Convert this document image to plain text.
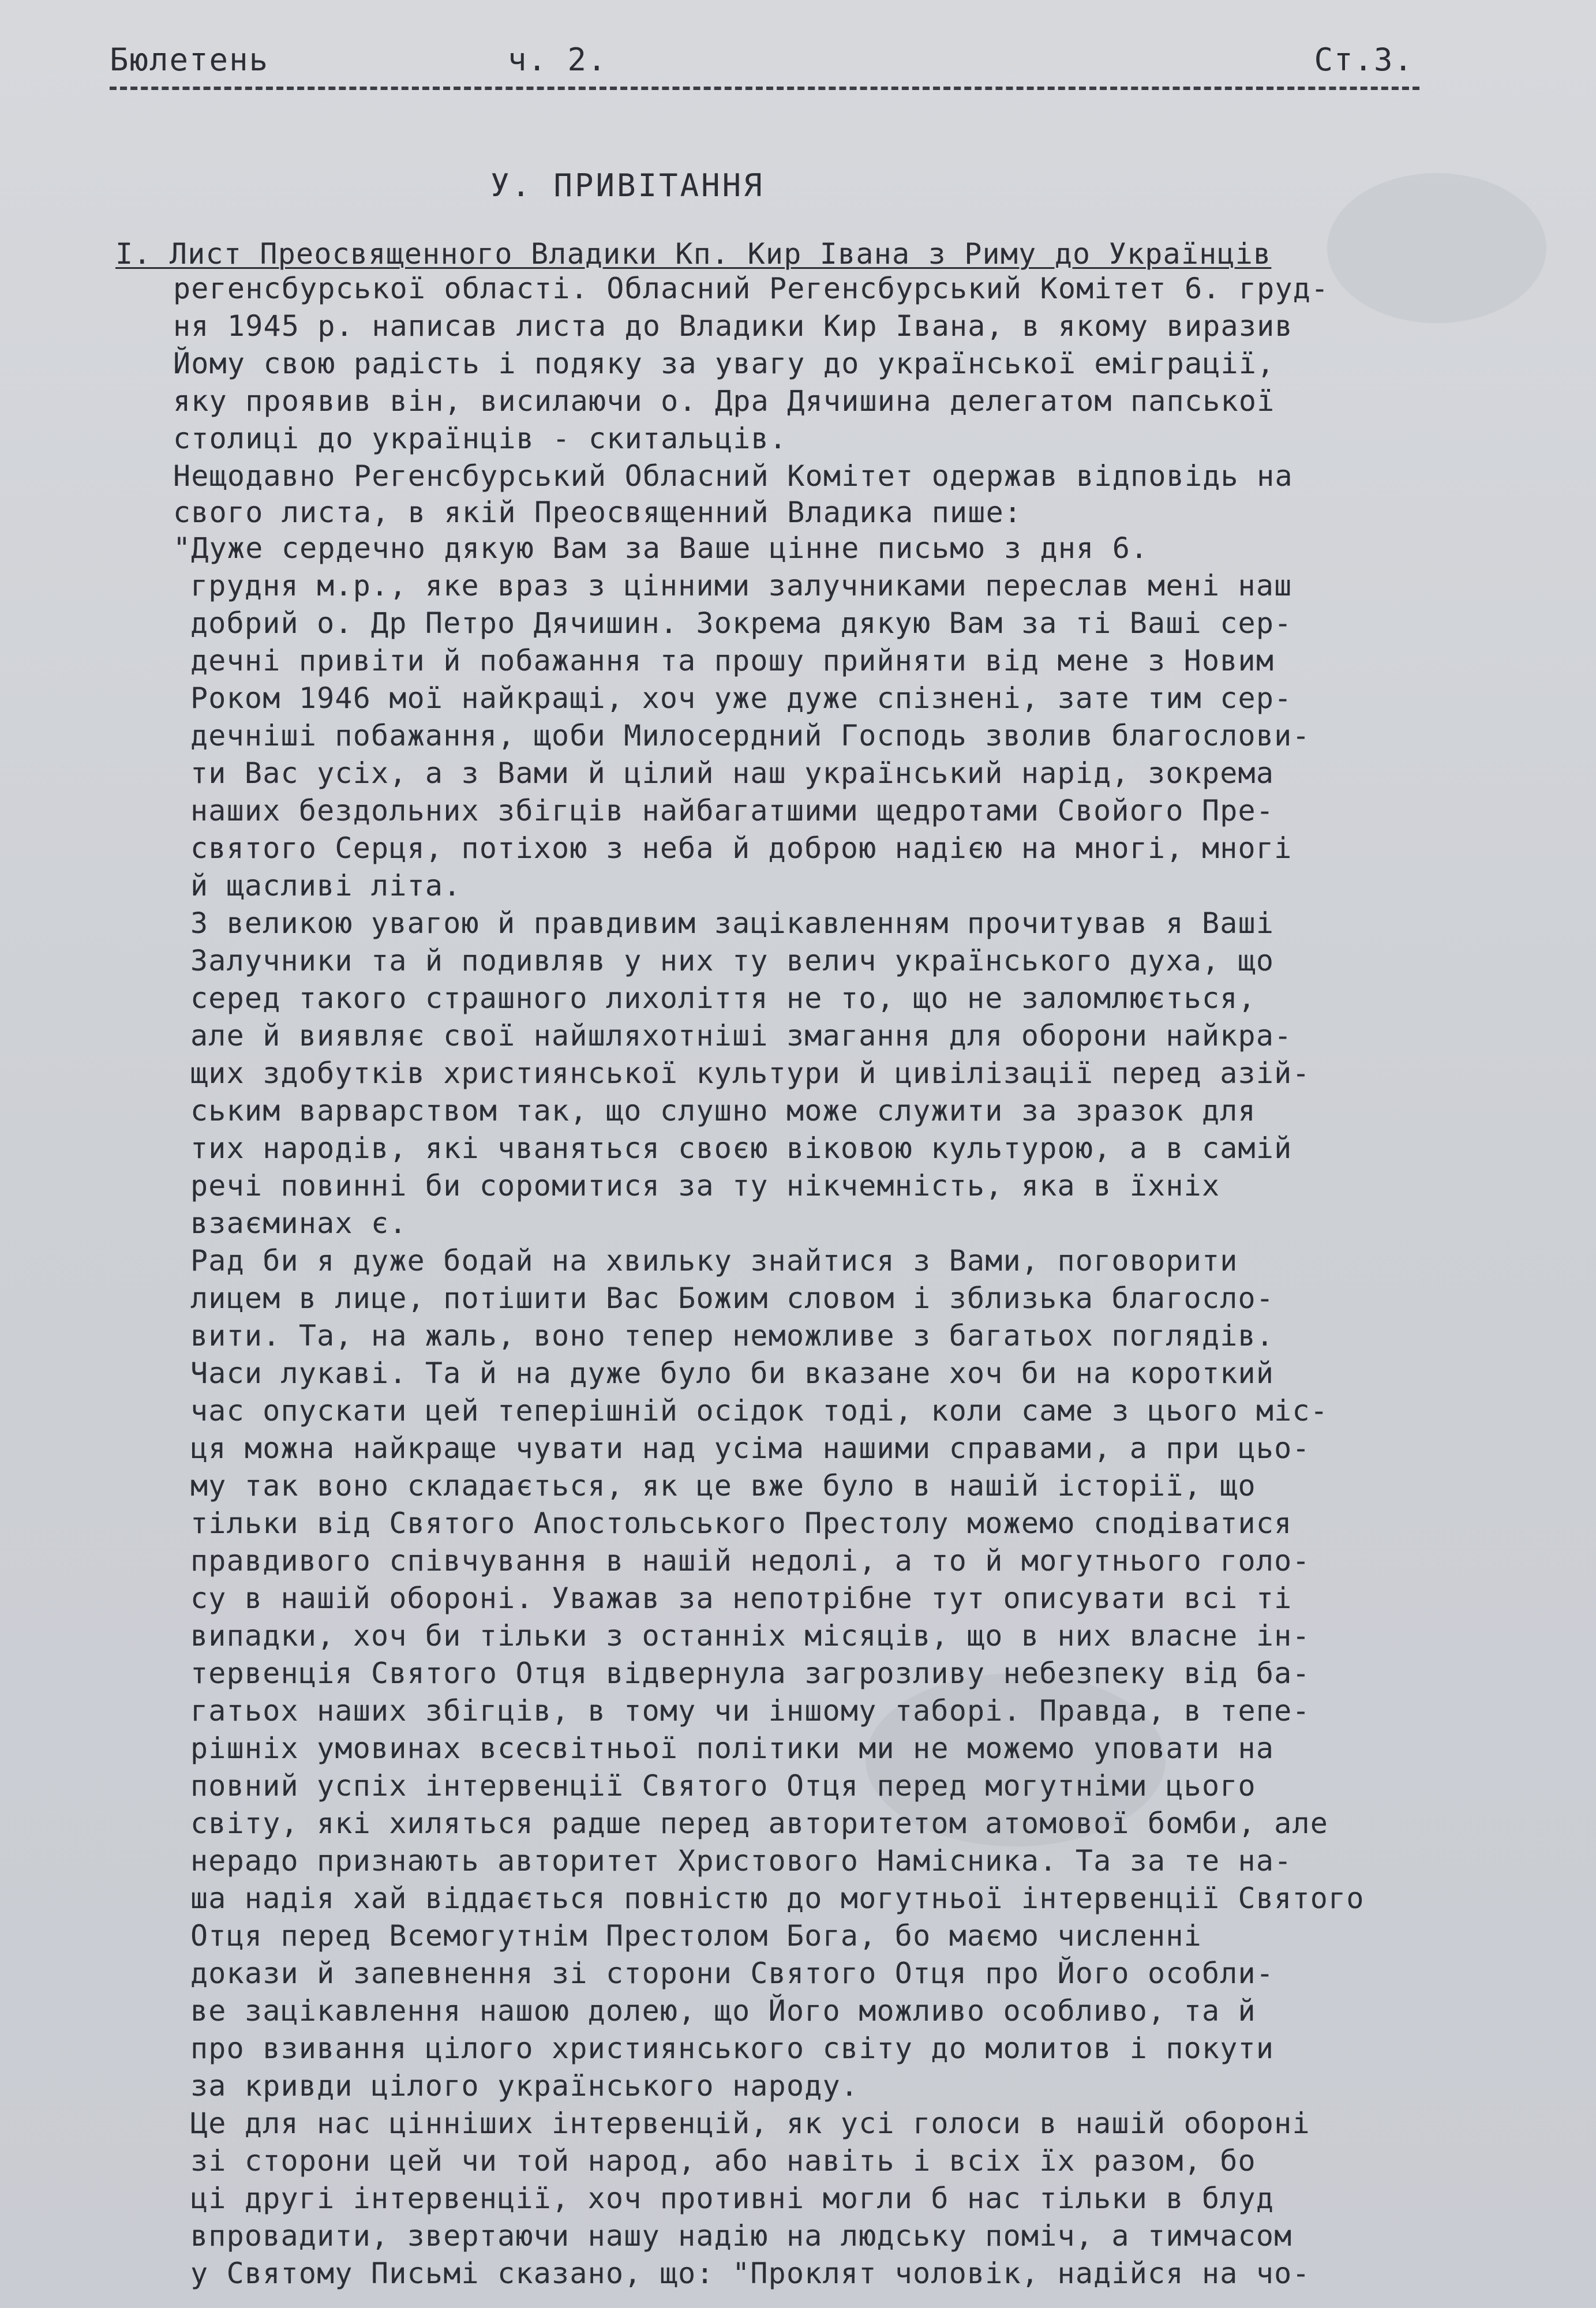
Бюлетень	ч. 2.	Ст.3.
У. ПРИВІТАННЯ
I. Лист Преосвященного Владики Кп. Кир Івана з Риму до Українців
регенсбурської області. Обласний Регенсбурський Комітет 6. груд-
ня 1945 р. написав листа до Владики Кир Івана, в якому виразив
Йому свою радість і подяку за увагу до української еміграції,
яку проявив він, висилаючи о. Дра Дячишина делегатом папської
столиці до українців - скитальців.
Нещодавно Регенсбурський Обласний Комітет одержав відповідь на
свого листа, в якій Преосвященний Владика пише:
"Дуже сердечно дякую Вам за Ваше цінне письмо з дня 6.
грудня м.р., яке враз з цінними залучниками переслав мені наш
добрий о. Др Петро Дячишин. Зокрема дякую Вам за ті Ваші сер-
дечні привіти й побажання та прошу прийняти від мене з Новим
Роком 1946 мої найкращі, хоч уже дуже спізнені, зате тим сер-
дечніші побажання, щоби Милосердний Господь зволив благослови-
ти Вас усіх, а з Вами й цілий наш український нарід, зокрема
наших бездольних збігців найбагатшими щедротами Свойого Пре-
святого Серця, потіхою з неба й доброю надією на многі, многі
й щасливі літа.
З великою увагою й правдивим зацікавленням прочитував я Ваші
Залучники та й подивляв у них ту велич українського духа, що
серед такого страшного лихоліття не то, що не заломлюється,
але й виявляє свої найшляхотніші змагання для оборони найкра-
щих здобутків християнської культури й цивілізації перед азій-
ським варварством так, що слушно може служити за зразок для
тих народів, які чваняться своєю віковою культурою, а в самій
речі повинні би соромитися за ту нікчемність, яка в їхніх
взаєминах є.
Рад би я дуже бодай на хвильку знайтися з Вами, поговорити
лицем в лице, потішити Вас Божим словом і зблизька благосло-
вити. Та, на жаль, воно тепер неможливе з багатьох поглядів.
Часи лукаві. Та й на дуже було би вказане хоч би на короткий
час опускати цей теперішній осідок тоді, коли саме з цього міс-
ця можна найкраще чувати над усіма нашими справами, а при цьо-
му так воно складається, як це вже було в нашій історії, що
тільки від Святого Апостольського Престолу можемо сподіватися
правдивого співчування в нашій недолі, а то й могутнього голо-
су в нашій обороні. Уважав за непотрібне тут описувати всі ті
випадки, хоч би тільки з останніх місяців, що в них власне ін-
тервенція Святого Отця відвернула загрозливу небезпеку від ба-
гатьох наших збігців, в тому чи іншому таборі. Правда, в тепе-
рішніх умовинах всесвітньої політики ми не можемо уповати на
повний успіх інтервенції Святого Отця перед могутніми цього
світу, які хиляться радше перед авторитетом атомової бомби, але
нерадо признають авторитет Христового Намісника. Та за те на-
ша надія хай віддається повністю до могутньої інтервенції Святого
Отця перед Всемогутнім Престолом Бога, бо маємо численні
докази й запевнення зі сторони Святого Отця про Його особли-
ве зацікавлення нашою долею, що Його можливо особливо, та й
про взивання цілого християнського світу до молитов і покути
за кривди цілого українського народу.
Це для нас цінніших інтервенцій, як усі голоси в нашій обороні
зі сторони цей чи той народ, або навіть і всіх їх разом, бо
ці другі інтервенції, хоч противні могли б нас тільки в блуд
впровадити, звертаючи нашу надію на людську поміч, а тимчасом
у Святому Письмі сказано, що: "Проклят чоловік, надійся на чо-
